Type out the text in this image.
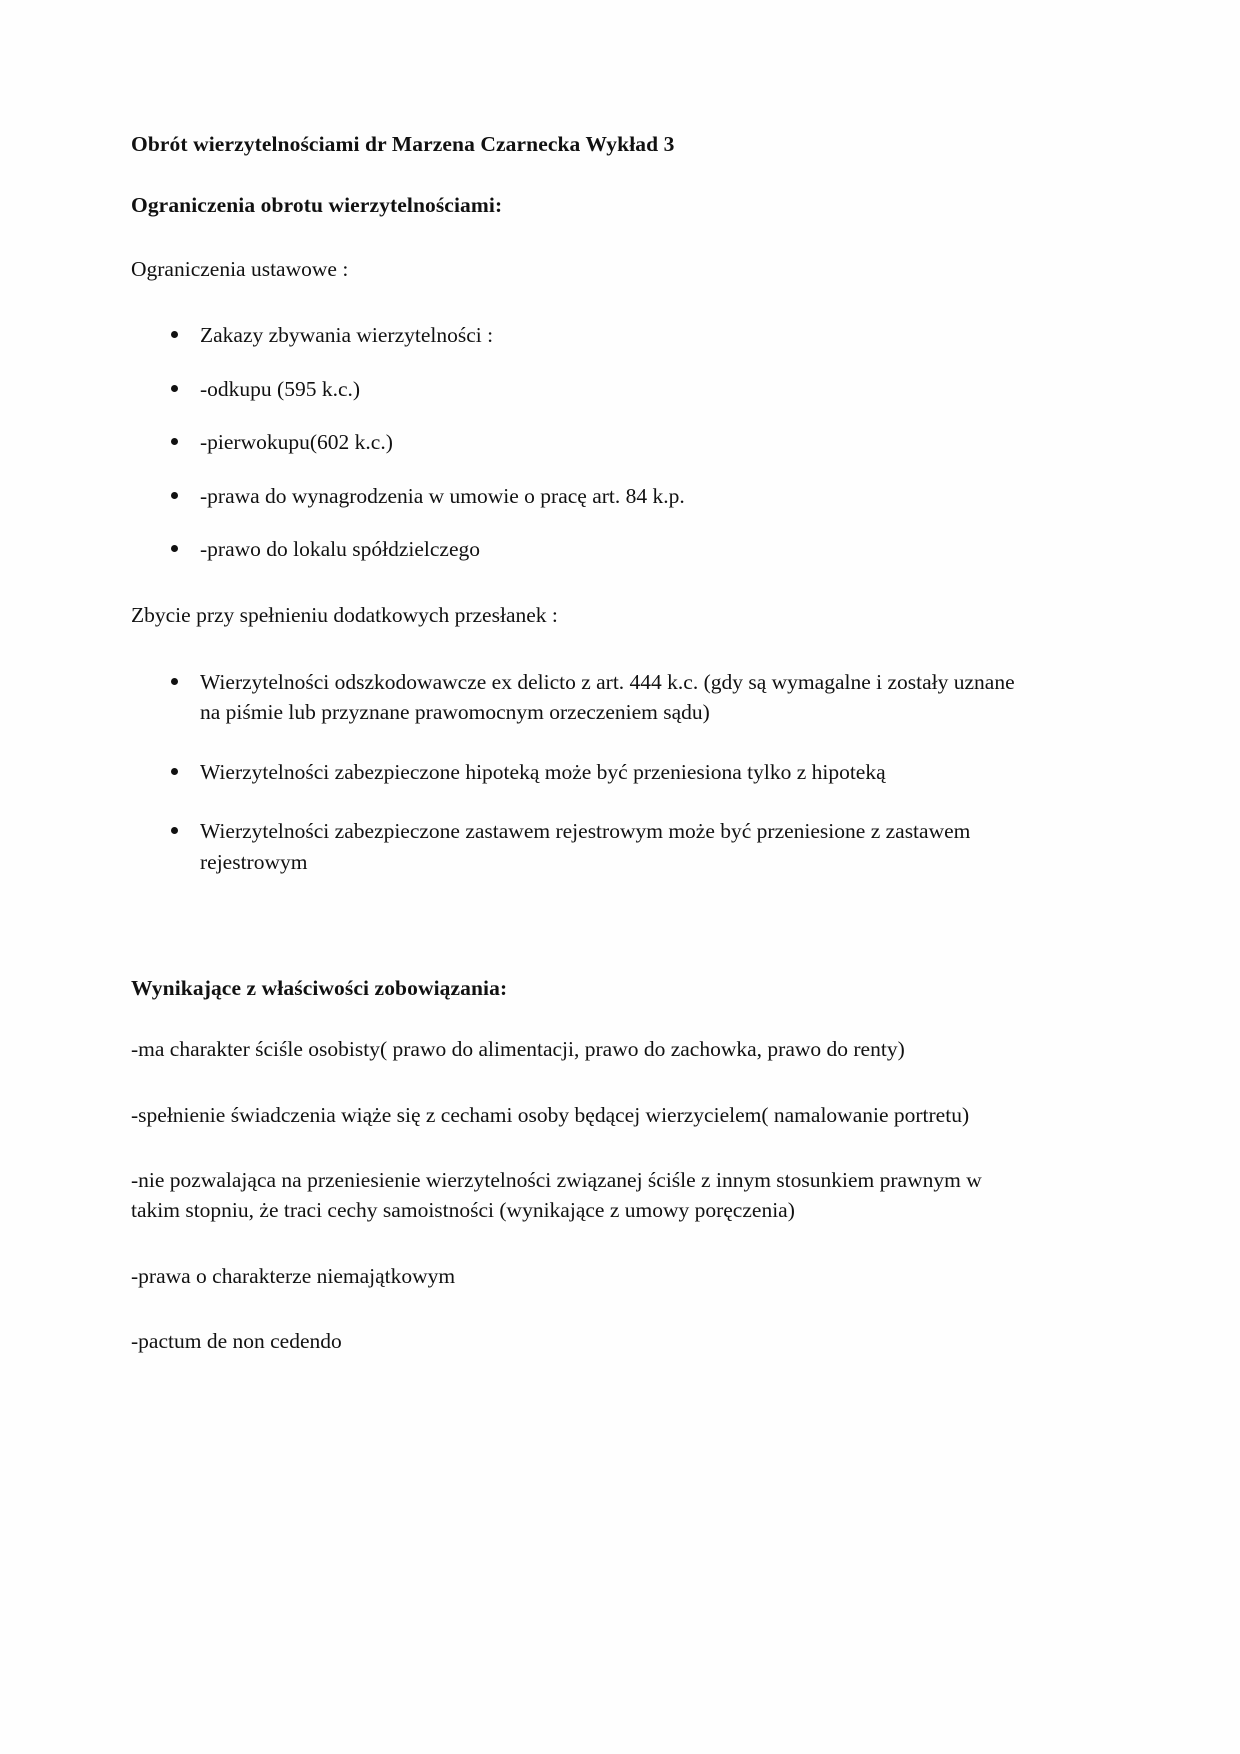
Obrót wierzytelnościami dr Marzena Czarnecka Wykład 3
Ograniczenia obrotu wierzytelnościami:

Ograniczenia ustawowe :

Zakazy zbywania wierzytelności :
-odkupu (595 k.c.)
-pierwokupu(602 k.c.)
-prawa do wynagrodzenia w umowie o pracę art. 84 k.p.
-prawo do lokalu spółdzielczego

Zbycie przy spełnieniu dodatkowych przesłanek :

Wierzytelności odszkodowawcze ex delicto z art. 444 k.c. (gdy są wymagalne i zostały uznane na piśmie lub przyznane prawomocnym orzeczeniem sądu)
Wierzytelności zabezpieczone hipoteką może być przeniesiona tylko z hipoteką
Wierzytelności zabezpieczone zastawem rejestrowym może być przeniesione z zastawem rejestrowym
Wynikające z właściwości zobowiązania:

-ma charakter ściśle osobisty( prawo do alimentacji, prawo do zachowka, prawo do renty)

-spełnienie świadczenia wiąże się z cechami osoby będącej wierzycielem( namalowanie portretu)

-nie pozwalająca na przeniesienie wierzytelności związanej ściśle z innym stosunkiem prawnym w takim stopniu, że traci cechy samoistności (wynikające z umowy poręczenia)

-prawa o charakterze niemajątkowym

-pactum de non cedendo
